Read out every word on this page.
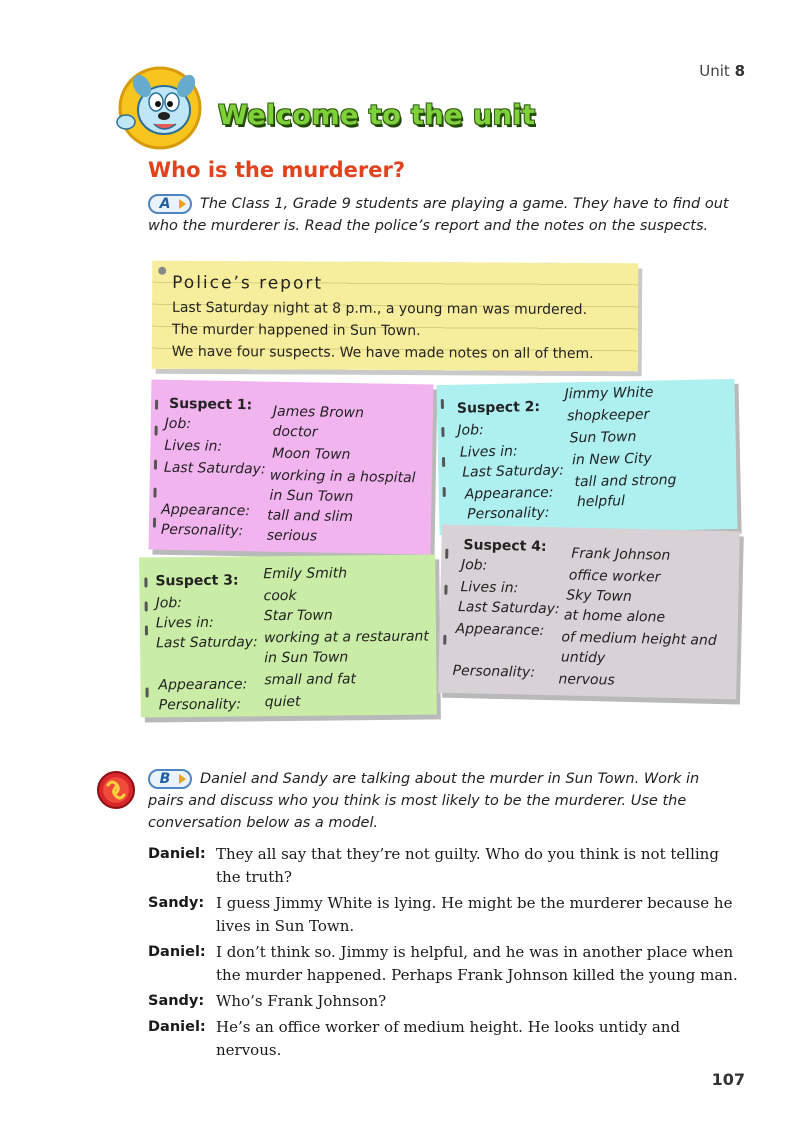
Unit 8
Welcome to the unit
Who is the murderer?
A The Class 1, Grade 9 students are playing a game. They have to find out who the murderer is. Read the police’s report and the notes on the suspects.
Police’s report
Last Saturday night at 8 p.m., a young man was murdered.
The murder happened in Sun Town.
We have four suspects. We have made notes on all of them.
Suspect 1: James Brown
Job:	doctor
Lives in:	Moon Town
Last Saturday: working in a hospital
in Sun Town
Appearance: tall and slim
Personality: serious
Suspect 2:
Jimmy White
Job:
shopkeeper
Lives in:
Sun Town
Last Saturday:
in New City
Appearance:
tall and strong
Personality:
helpful
Suspect 3: Emily Smith
Job:	cook
Lives in:	Star Town
Last Saturday: working at a restaurant
in Sun Town
Appearance: small and fat
Personality: quiet
Suspect 4: Frank Johnson
Job:
office worker
Lives in:	Sky Town
Last Saturday: at home alone
Appearance: of medium height and
untidy
Personality: nervous
B Daniel and Sandy are talking about the murder in Sun Town. Work in pairs and discuss who you think is most likely to be the murderer. Use the conversation below as a model.
Daniel: They all say that they’re not guilty. Who do you think is not telling the truth?
Sandy: I guess Jimmy White is lying. He might be the murderer because he lives in Sun Town.
Daniel: I don’t think so. Jimmy is helpful, and he was in another place when the murder happened. Perhaps Frank Johnson killed the young man.
Sandy: Who’s Frank Johnson?
Daniel: He’s an office worker of medium height. He looks untidy and nervous.
107
